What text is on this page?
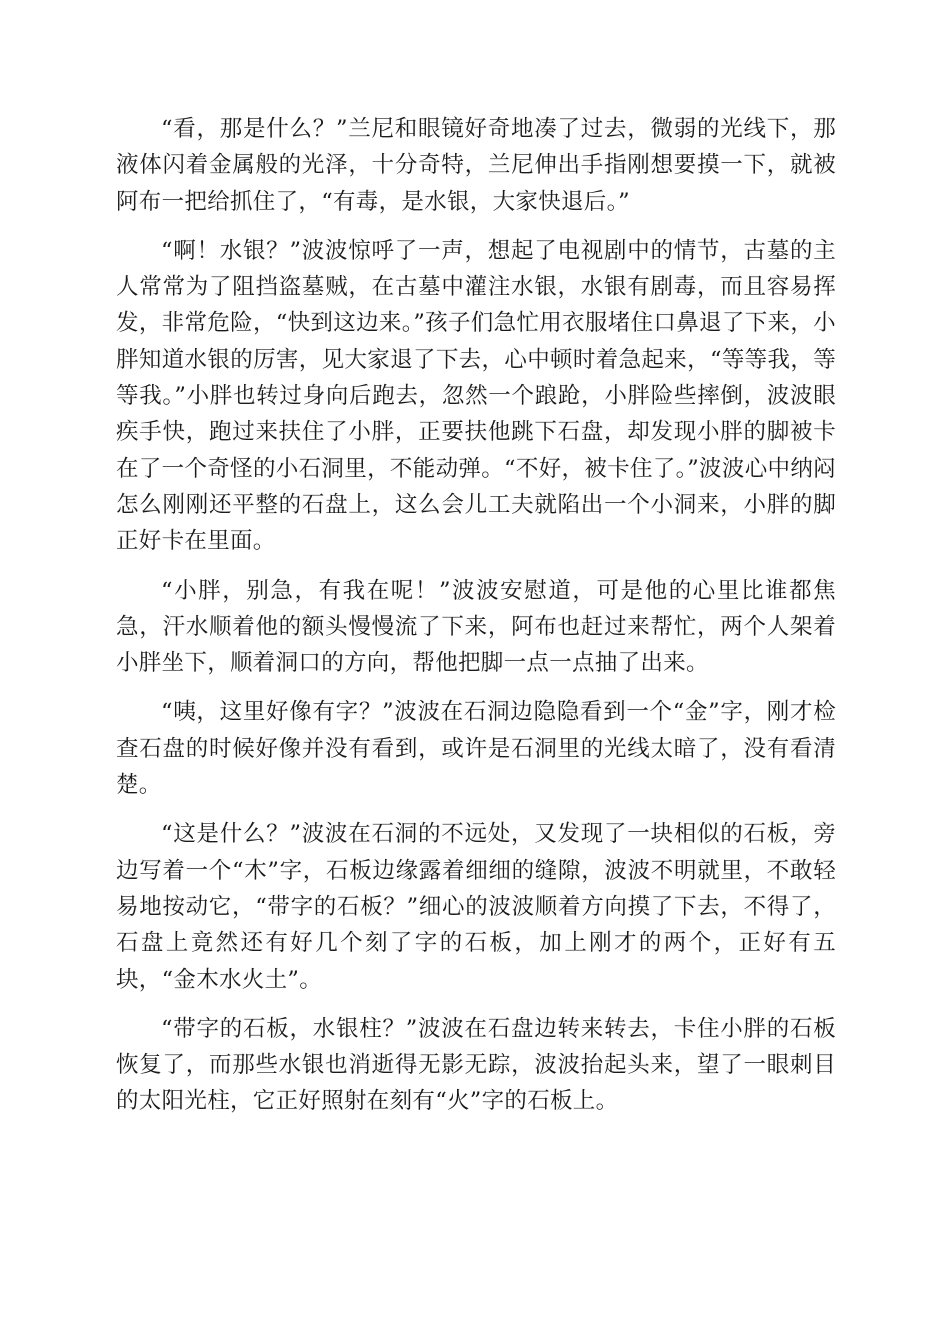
“看，那是什么？”兰尼和眼镜好奇地凑了过去，微弱的光线下，那液体闪着金属般的光泽，十分奇特，兰尼伸出手指刚想要摸一下，就被阿布一把给抓住了，“有毒，是水银，大家快退后。”

“啊！水银？”波波惊呼了一声，想起了电视剧中的情节，古墓的主人常常为了阻挡盗墓贼，在古墓中灌注水银，水银有剧毒，而且容易挥发，非常危险，“快到这边来。”孩子们急忙用衣服堵住口鼻退了下来，小胖知道水银的厉害，见大家退了下去，心中顿时着急起来，“等等我，等等我。”小胖也转过身向后跑去，忽然一个踉跄，小胖险些摔倒，波波眼疾手快，跑过来扶住了小胖，正要扶他跳下石盘，却发现小胖的脚被卡在了一个奇怪的小石洞里，不能动弹。“不好，被卡住了。”波波心中纳闷怎么刚刚还平整的石盘上，这么会儿工夫就陷出一个小洞来，小胖的脚正好卡在里面。

“小胖，别急，有我在呢！”波波安慰道，可是他的心里比谁都焦急，汗水顺着他的额头慢慢流了下来，阿布也赶过来帮忙，两个人架着小胖坐下，顺着洞口的方向，帮他把脚一点一点抽了出来。

“咦，这里好像有字？”波波在石洞边隐隐看到一个“金”字，刚才检查石盘的时候好像并没有看到，或许是石洞里的光线太暗了，没有看清楚。

“这是什么？”波波在石洞的不远处，又发现了一块相似的石板，旁边写着一个“木”字，石板边缘露着细细的缝隙，波波不明就里，不敢轻易地按动它，“带字的石板？”细心的波波顺着方向摸了下去，不得了，石盘上竟然还有好几个刻了字的石板，加上刚才的两个，正好有五块，“金木水火土”。

“带字的石板，水银柱？”波波在石盘边转来转去，卡住小胖的石板恢复了，而那些水银也消逝得无影无踪，波波抬起头来，望了一眼刺目的太阳光柱，它正好照射在刻有“火”字的石板上。
